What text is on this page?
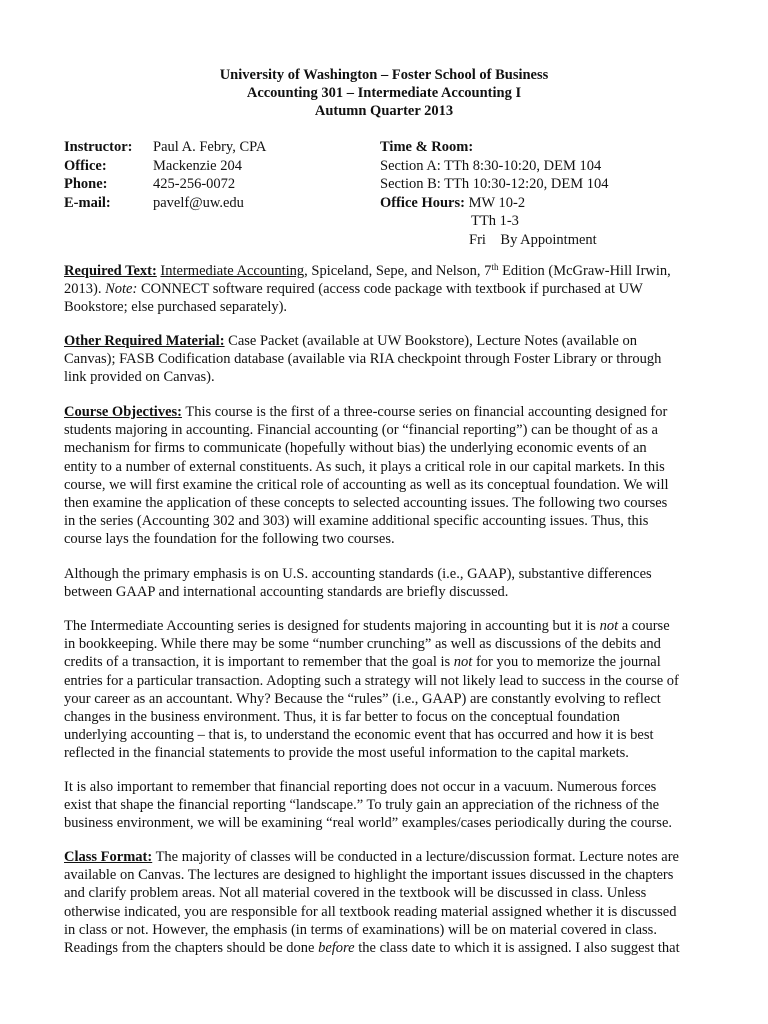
University of Washington – Foster School of Business
Accounting 301 – Intermediate Accounting I
Autumn Quarter 2013
Instructor: Paul A. Febry, CPA
Office:	Mackenzie 204
Phone:	425-256-0072
E-mail:	pavelf@uw.edu
Time & Room:
Section A: TTh 8:30-10:20, DEM 104
Section B: TTh 10:30-12:20, DEM 104
Office Hours: MW 10-2
TTh 1-3
Fri    By Appointment
Required Text: Intermediate Accounting, Spiceland, Sepe, and Nelson, 7th Edition (McGraw-Hill Irwin,
2013). Note: CONNECT software required (access code package with textbook if purchased at UW
Bookstore; else purchased separately).
Other Required Material: Case Packet (available at UW Bookstore), Lecture Notes (available on
Canvas); FASB Codification database (available via RIA checkpoint through Foster Library or through
link provided on Canvas).
Course Objectives: This course is the first of a three-course series on financial accounting designed for
students majoring in accounting. Financial accounting (or “financial reporting”) can be thought of as a
mechanism for firms to communicate (hopefully without bias) the underlying economic events of an
entity to a number of external constituents. As such, it plays a critical role in our capital markets. In this
course, we will first examine the critical role of accounting as well as its conceptual foundation. We will
then examine the application of these concepts to selected accounting issues. The following two courses
in the series (Accounting 302 and 303) will examine additional specific accounting issues. Thus, this
course lays the foundation for the following two courses.
Although the primary emphasis is on U.S. accounting standards (i.e., GAAP), substantive differences
between GAAP and international accounting standards are briefly discussed.
The Intermediate Accounting series is designed for students majoring in accounting but it is not a course
in bookkeeping. While there may be some “number crunching” as well as discussions of the debits and
credits of a transaction, it is important to remember that the goal is not for you to memorize the journal
entries for a particular transaction. Adopting such a strategy will not likely lead to success in the course of
your career as an accountant. Why? Because the “rules” (i.e., GAAP) are constantly evolving to reflect
changes in the business environment. Thus, it is far better to focus on the conceptual foundation
underlying accounting – that is, to understand the economic event that has occurred and how it is best
reflected in the financial statements to provide the most useful information to the capital markets.
It is also important to remember that financial reporting does not occur in a vacuum. Numerous forces
exist that shape the financial reporting “landscape.” To truly gain an appreciation of the richness of the
business environment, we will be examining “real world” examples/cases periodically during the course.
Class Format: The majority of classes will be conducted in a lecture/discussion format. Lecture notes are
available on Canvas. The lectures are designed to highlight the important issues discussed in the chapters
and clarify problem areas. Not all material covered in the textbook will be discussed in class. Unless
otherwise indicated, you are responsible for all textbook reading material assigned whether it is discussed
in class or not. However, the emphasis (in terms of examinations) will be on material covered in class.
Readings from the chapters should be done before the class date to which it is assigned. I also suggest that
